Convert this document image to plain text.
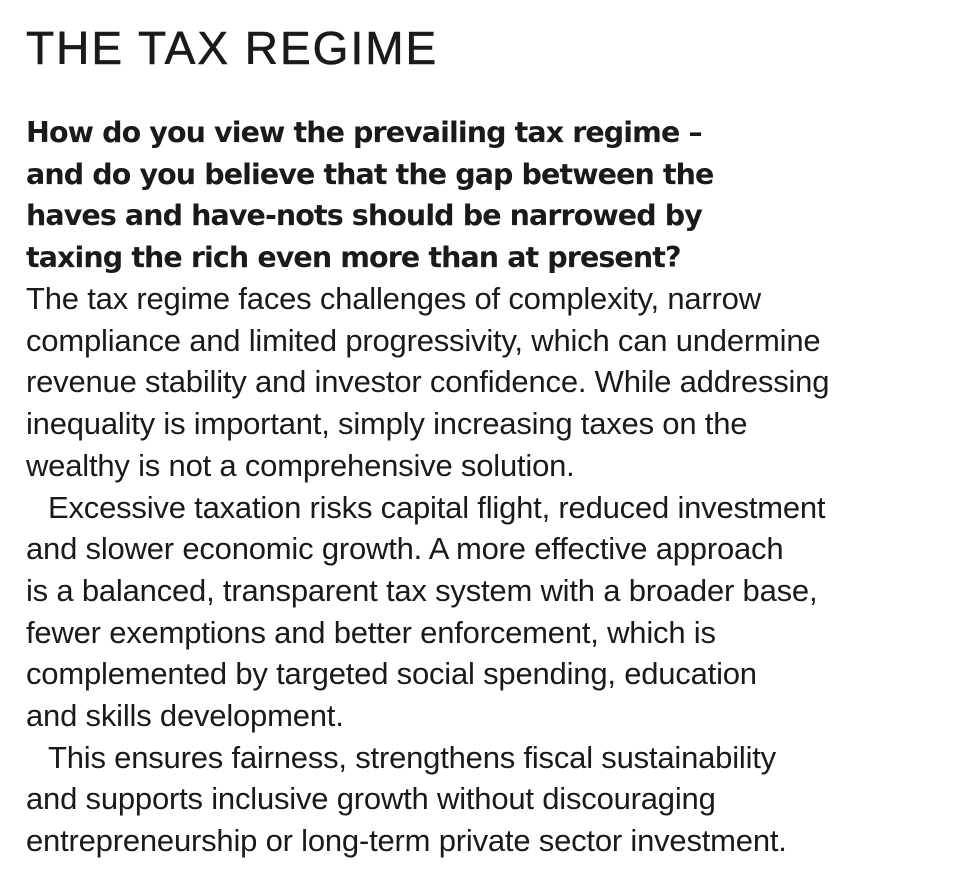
THE TAX REGIME

How do you view the prevailing tax regime –
and do you believe that the gap between the
haves and have-nots should be narrowed by
taxing the rich even more than at present?

The tax regime faces challenges of complexity, narrow
compliance and limited progressivity, which can undermine
revenue stability and investor confidence. While addressing
inequality is important, simply increasing taxes on the
wealthy is not a comprehensive solution.

Excessive taxation risks capital flight, reduced investment
and slower economic growth. A more effective approach
is a balanced, transparent tax system with a broader base,
fewer exemptions and better enforcement, which is
complemented by targeted social spending, education
and skills development.

This ensures fairness, strengthens fiscal sustainability
and supports inclusive growth without discouraging
entrepreneurship or long-term private sector investment.
